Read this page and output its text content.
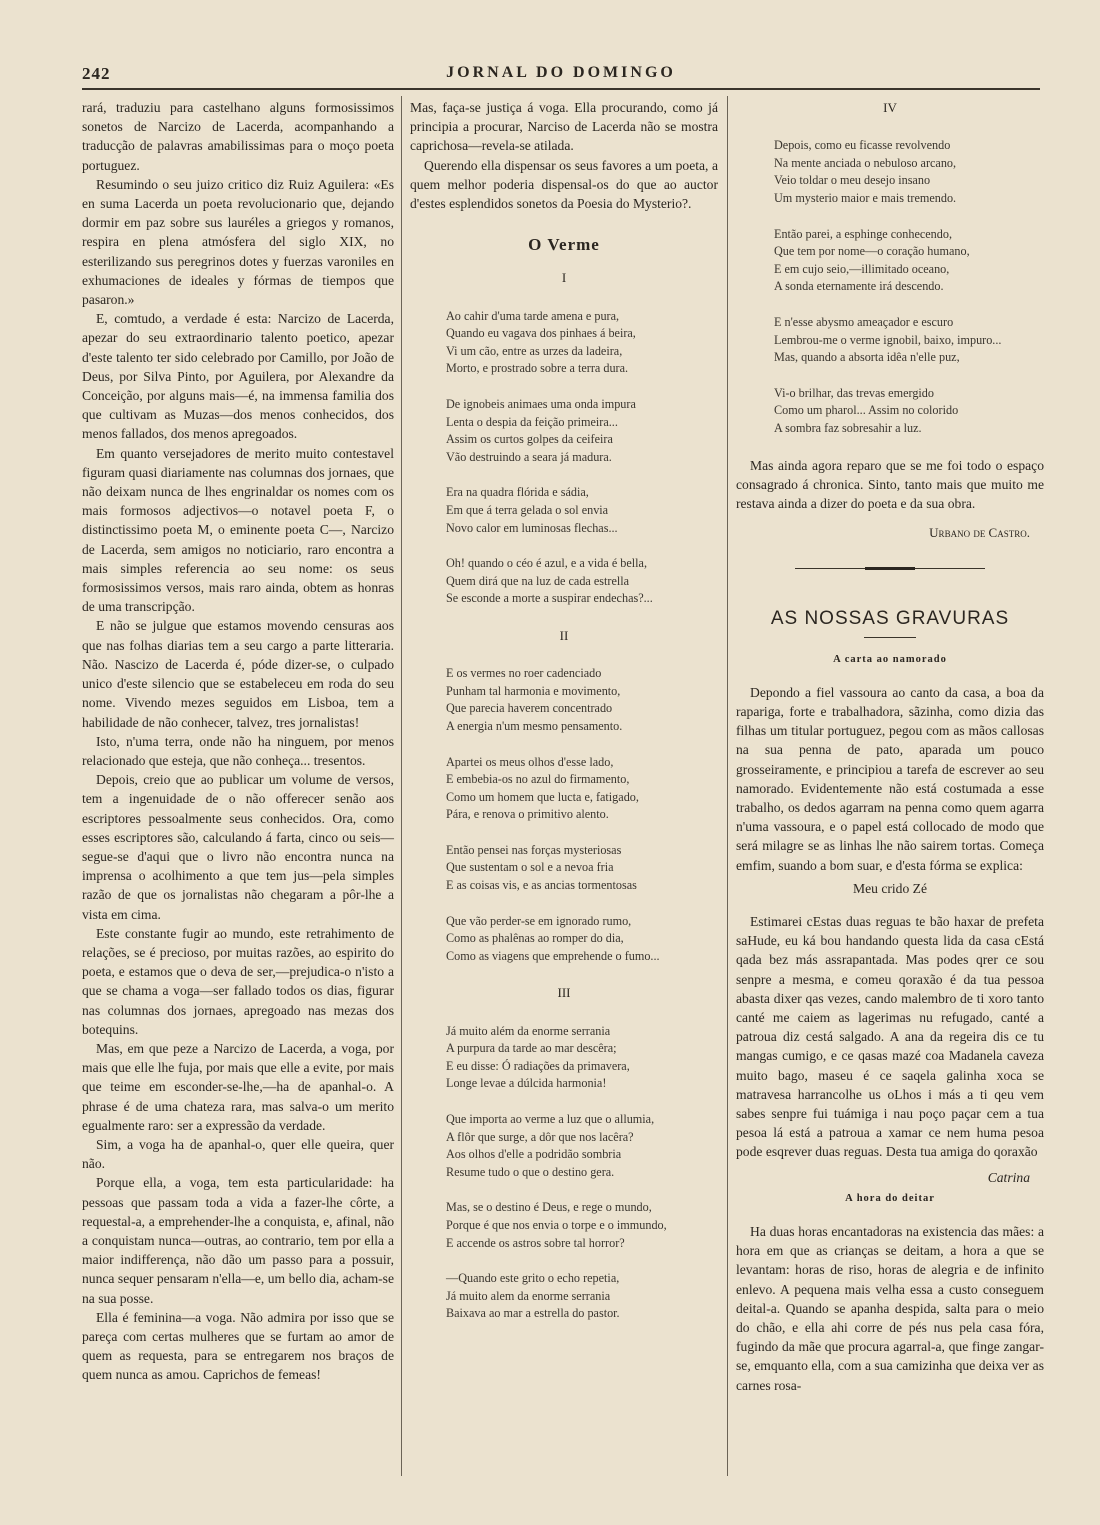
242	JORNAL DO DOMINGO

rará, traduziu para castelhano alguns formosissimos sonetos de Narcizo de Lacerda, acompanhando a traducção de palavras amabilissimas para o moço poeta portuguez.

Resumindo o seu juizo critico diz Ruiz Aguilera: «Es en suma Lacerda un poeta revolucionario que, dejando dormir em paz sobre sus lauréles a griegos y romanos, respira en plena atmósfera del siglo XIX, no esterilizando sus peregrinos dotes y fuerzas varoniles en exhumaciones de ideales y fórmas de tiempos que pasaron.»

E, comtudo, a verdade é esta: Narcizo de Lacerda, apezar do seu extraordinario talento poetico, apezar d'este talento ter sido celebrado por Camillo, por João de Deus, por Silva Pinto, por Aguilera, por Alexandre da Conceição, por alguns mais—é, na immensa familia dos que cultivam as Muzas—dos menos conhecidos, dos menos fallados, dos menos apregoados.

Em quanto versejadores de merito muito contestavel figuram quasi diariamente nas columnas dos jornaes, que não deixam nunca de lhes engrinaldar os nomes com os mais formosos adjectivos—o notavel poeta F, o distinctissimo poeta M, o eminente poeta C—, Narcizo de Lacerda, sem amigos no noticiario, raro encontra a mais simples referencia ao seu nome: os seus formosissimos versos, mais raro ainda, obtem as honras de uma transcripção.

E não se julgue que estamos movendo censuras aos que nas folhas diarias tem a seu cargo a parte litteraria. Não. Nascizo de Lacerda é, póde dizer-se, o culpado unico d'este silencio que se estabeleceu em roda do seu nome. Vivendo mezes seguidos em Lisboa, tem a habilidade de não conhecer, talvez, tres jornalistas!

Isto, n'uma terra, onde não ha ninguem, por menos relacionado que esteja, que não conheça... tresentos.

Depois, creio que ao publicar um volume de versos, tem a ingenuidade de o não offerecer senão aos escriptores pessoalmente seus conhecidos. Ora, como esses escriptores são, calculando á farta, cinco ou seis—segue-se d'aqui que o livro não encontra nunca na imprensa o acolhimento a que tem jus—pela simples razão de que os jornalistas não chegaram a pôr-lhe a vista em cima.

Este constante fugir ao mundo, este retrahimento de relações, se é precioso, por muitas razões, ao espirito do poeta, e estamos que o deva de ser,—prejudica-o n'isto a que se chama a voga—ser fallado todos os dias, figurar nas columnas dos jornaes, apregoado nas mezas dos botequins.

Mas, em que peze a Narcizo de Lacerda, a voga, por mais que elle lhe fuja, por mais que elle a evite, por mais que teime em esconder-se-lhe,—ha de apanhal-o. A phrase é de uma chateza rara, mas salva-o um merito egualmente raro: ser a expressão da verdade.

Sim, a voga ha de apanhal-o, quer elle queira, quer não.

Porque ella, a voga, tem esta particularidade: ha pessoas que passam toda a vida a fazer-lhe côrte, a requestal-a, a emprehender-lhe a conquista, e, afinal, não a conquistam nunca—outras, ao contrario, tem por ella a maior indifferença, não dão um passo para a possuir, nunca sequer pensaram n'ella—e, um bello dia, acham-se na sua posse.

Ella é feminina—a voga. Não admira por isso que se pareça com certas mulheres que se furtam ao amor de quem as requesta, para se entregarem nos braços de quem nunca as amou. Caprichos de femeas!

Mas, faça-se justiça á voga. Ella procurando, como já principia a procurar, Narciso de Lacerda não se mostra caprichosa—revela-se atilada.

Querendo ella dispensar os seus favores a um poeta, a quem melhor poderia dispensal-os do que ao auctor d'estes esplendidos sonetos da Poesia do Mysterio?.

O Verme
I
Ao cahir d'uma tarde amena e pura,
Quando eu vagava dos pinhaes á beira,
Vi um cão, entre as urzes da ladeira,
Morto, e prostrado sobre a terra dura.
De ignobeis animaes uma onda impura
Lenta o despia da feição primeira...
Assim os curtos golpes da ceifeira
Vão destruindo a seara já madura.
Era na quadra flórida e sádia,
Em que á terra gelada o sol envia
Novo calor em luminosas flechas...
Oh! quando o céo é azul, e a vida é bella,
Quem dirá que na luz de cada estrella
Se esconde a morte a suspirar endechas?...
II
E os vermes no roer cadenciado
Punham tal harmonia e movimento,
Que parecia haverem concentrado
A energia n'um mesmo pensamento.
Apartei os meus olhos d'esse lado,
E embebia-os no azul do firmamento,
Como um homem que lucta e, fatigado,
Pára, e renova o primitivo alento.
Então pensei nas forças mysteriosas
Que sustentam o sol e a nevoa fria
E as coisas vis, e as ancias tormentosas
Que vão perder-se em ignorado rumo,
Como as phalênas ao romper do dia,
Como as viagens que emprehende o fumo...
III
Já muito além da enorme serrania
A purpura da tarde ao mar descêra;
E eu disse: Ó radiações da primavera,
Longe levae a dúlcida harmonia!
Que importa ao verme a luz que o allumia,
A flôr que surge, a dôr que nos lacêra?
Aos olhos d'elle a podridão sombria
Resume tudo o que o destino gera.
Mas, se o destino é Deus, e rege o mundo,
Porque é que nos envia o torpe e o immundo,
E accende os astros sobre tal horror?
—Quando este grito o echo repetia,
Já muito alem da enorme serrania
Baixava ao mar a estrella do pastor.
IV
Depois, como eu ficasse revolvendo
Na mente anciada o nebuloso arcano,
Veio toldar o meu desejo insano
Um mysterio maior e mais tremendo.
Então parei, a esphinge conhecendo,
Que tem por nome—o coração humano,
E em cujo seio,—illimitado oceano,
A sonda eternamente irá descendo.
E n'esse abysmo ameaçador e escuro
Lembrou-me o verme ignobil, baixo, impuro...
Mas, quando a absorta idêa n'elle puz,
Vi-o brilhar, das trevas emergido
Como um pharol... Assim no colorido
A sombra faz sobresahir a luz.

Mas ainda agora reparo que se me foi todo o espaço consagrado á chronica. Sinto, tanto mais que muito me restava ainda a dizer do poeta e da sua obra.

Urbano de Castro.
AS NOSSAS GRAVURAS
A carta ao namorado

Depondo a fiel vassoura ao canto da casa, a boa da rapariga, forte e trabalhadora, sãzinha, como dizia das filhas um titular portuguez, pegou com as mãos callosas na sua penna de pato, aparada um pouco grosseiramente, e principiou a tarefa de escrever ao seu namorado. Evidentemente não está costumada a esse trabalho, os dedos agarram na penna como quem agarra n'uma vassoura, e o papel está collocado de modo que será milagre se as linhas lhe não sairem tortas. Começa emfim, suando a bom suar, e d'esta fórma se explica:

Meu crido Zé

Estimarei cEstas duas reguas te bão haxar de prefeta saHude, eu ká bou handando questa lida da casa cEstá qada bez más assrapantada. Mas podes qrer ce sou senpre a mesma, e comeu qoraxão é da tua pessoa abasta dixer qas vezes, cando malembro de ti xoro tanto canté me caiem as lagerimas nu refugado, canté a patroua diz cestá salgado. A ana da regeira dis ce tu mangas cumigo, e ce qasas mazé coa Madanela caveza muito bago, maseu é ce saqela galinha xoca se matravesa harrancolhe us oLhos i más a ti qeu vem sabes senpre fui tuámiga i nau poço paçar cem a tua pesoa lá está a patroua a xamar ce nem huma pesoa pode esqrever duas reguas. Desta tua amiga do qoraxão

Catrina
A hora do deitar

Ha duas horas encantadoras na existencia das mães: a hora em que as crianças se deitam, a hora a que se levantam: horas de riso, horas de alegria e de infinito enlevo. A pequena mais velha essa a custo conseguem deital-a. Quando se apanha despida, salta para o meio do chão, e ella ahi corre de pés nus pela casa fóra, fugindo da mãe que procura agarral-a, que finge zangar-se, emquanto ella, com a sua camizinha que deixa ver as carnes rosa-
